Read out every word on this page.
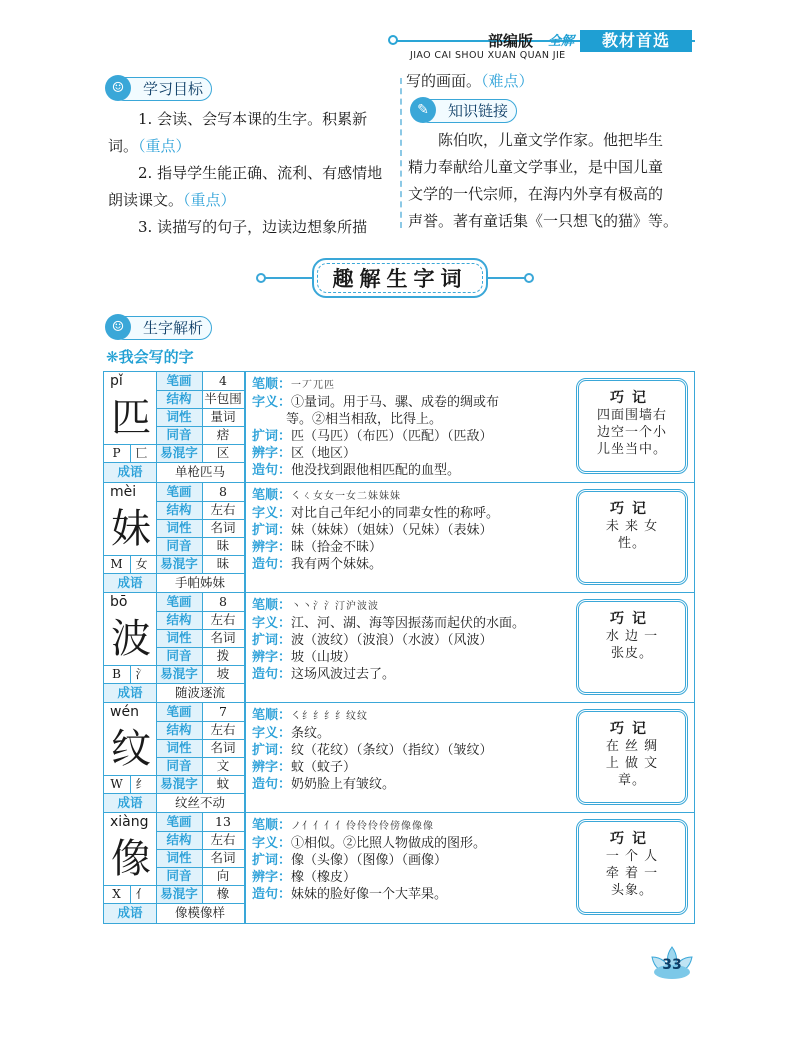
部编版 全解	教材首选
JIAO CAI SHOU XUAN QUAN JIE
☺	学习目标
1. 会读、会写本课的生字。积累新
词。（重点）
2. 指导学生能正确、流利、有感情地
朗读课文。（重点）
3. 读描写的句子，边读边想象所描
写的画面。（难点）
✎	知识链接
陈伯吹，儿童文学作家。他把毕生
精力奉献给儿童文学事业，是中国儿童
文学的一代宗师，在海内外享有极高的
声誉。著有童话集《一只想飞的猫》等。
趣解生字词
☺	生字解析
❋我会写的字
pǐ
匹
笔画	4
结构	半包围
词性	量词
同音	痞
P 匸	易混字	区
成语	单枪匹马
笔顺：一丆兀匹
字义：①量词。用于马、骡、成卷的绸或布
等。②相当相敌，比得上。
扩词：匹（马匹）（布匹）（匹配）（匹敌）
辨字：区（地区）
造句：他没找到跟他相匹配的血型。
巧记
四面围墙右
边空一个小
儿坐当中。
mèi
妹
笔画	8
结构	左右
词性	名词
同音	昧
M 女	易混字	昧
成语	手帕姊妹
笔顺：㇛ㄑ女女一女二妹妹妹
字义：对比自己年纪小的同辈女性的称呼。
扩词：妹（妹妹）（姐妹）（兄妹）（表妹）
辨字：昧（拾金不昧）
造句：我有两个妹妹。
巧记
未 来 女
性。
bō
波
笔画	8
结构	左右
词性	名词
同音	拨
B 氵	易混字	坡
成语	随波逐流
笔顺：丶丶氵氵汀沪波波
字义：江、河、湖、海等因振荡而起伏的水面。
扩词：波（波纹）（波浪）（水波）（风波）
辨字：坡（山坡）
造句：这场风波过去了。
巧记
水 边 一
张皮。
wén
纹
笔画	7
结构	左右
词性	名词
同音	文
W 纟	易混字	蚊
成语	纹丝不动
笔顺：㇛纟纟纟纟纹纹
字义：条纹。
扩词：纹（花纹）（条纹）（指纹）（皱纹）
辨字：蚊（蚊子）
造句：奶奶脸上有皱纹。
巧记
在 丝 绸
上 做 文
章。
xiàng
像
笔画	13
结构	左右
词性	名词
同音	向
X 亻	易混字	橡
成语	像模像样
笔顺：ノ亻亻亻亻伶伶伶伶傍像像像
字义：①相似。②比照人物做成的图形。
扩词：像（头像）（图像）（画像）
辨字：橡（橡皮）
造句：妹妹的脸好像一个大苹果。
巧记
一 个 人
牵 着 一
头象。
33
